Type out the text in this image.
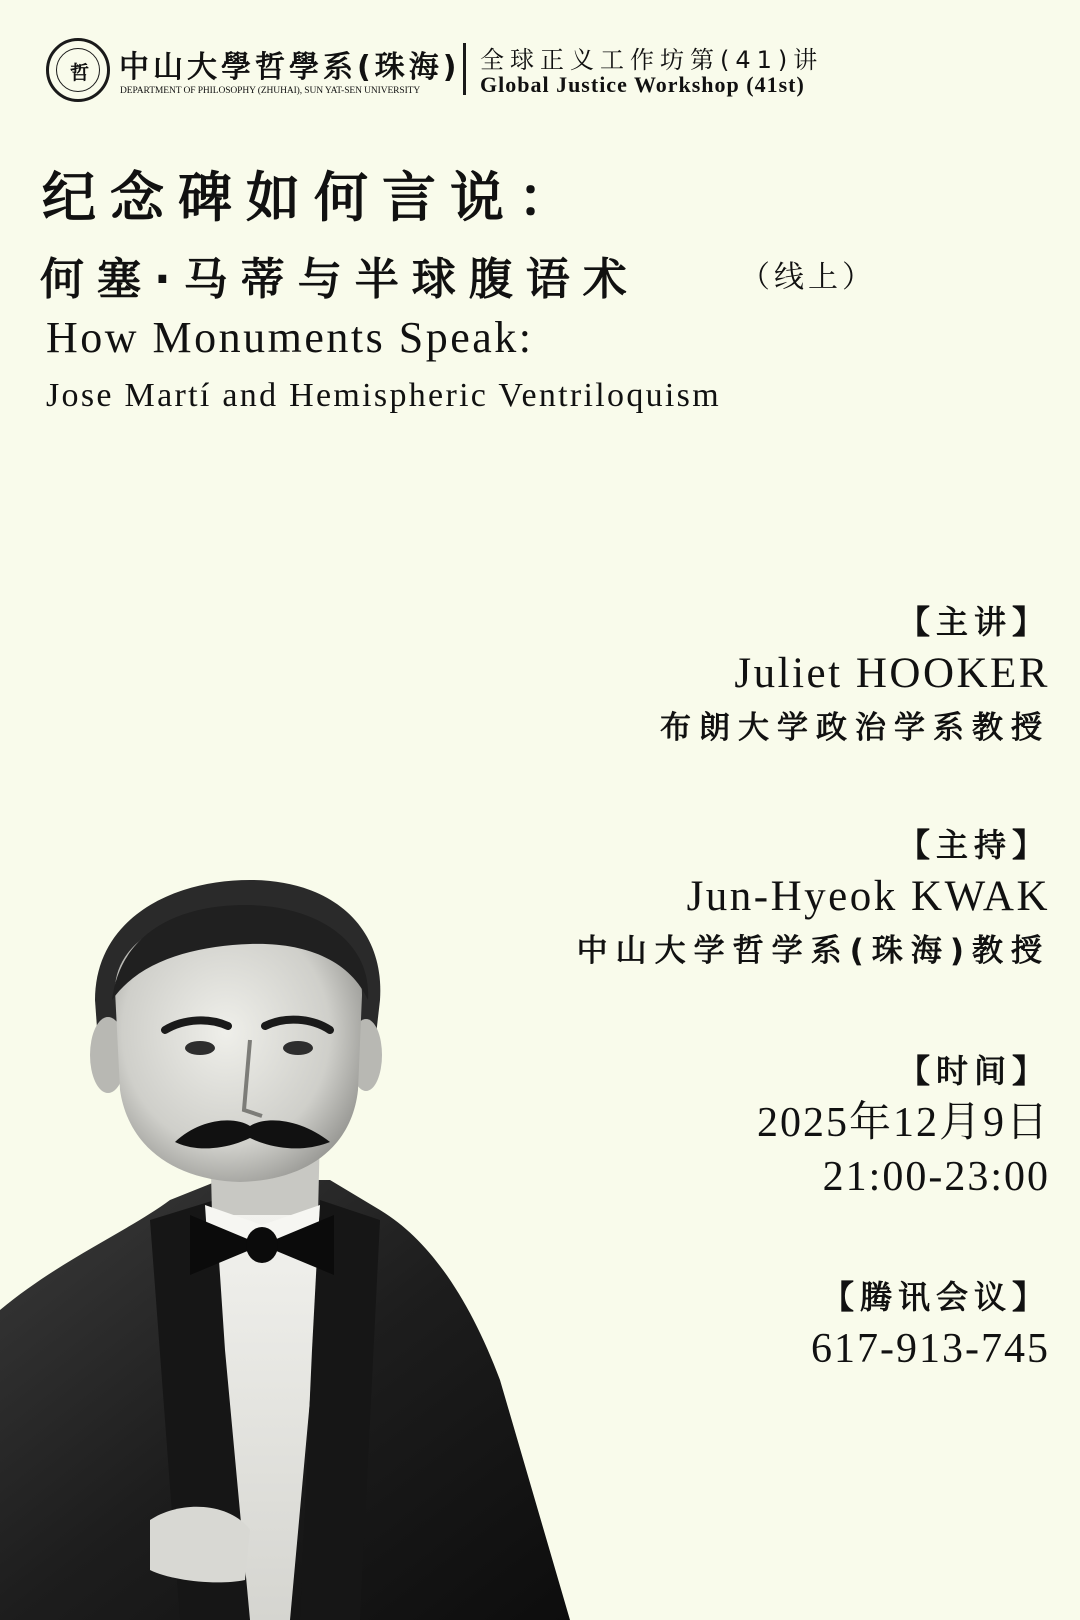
哲	中山大學哲學系(珠海)
DEPARTMENT OF PHILOSOPHY (ZHUHAI), SUN YAT-SEN UNIVERSITY
全球正义工作坊第(41)讲
Global Justice Workshop (41st)
纪念碑如何言说：
何塞·马蒂与半球腹语术	（线上）
How Monuments Speak:
Jose Martí and Hemispheric Ventriloquism
【主讲】
Juliet HOOKER
布朗大学政治学系教授
【主持】
Jun-Hyeok KWAK
中山大学哲学系(珠海)教授
【时间】
2025年12月9日
21:00-23:00
【腾讯会议】
617-913-745
